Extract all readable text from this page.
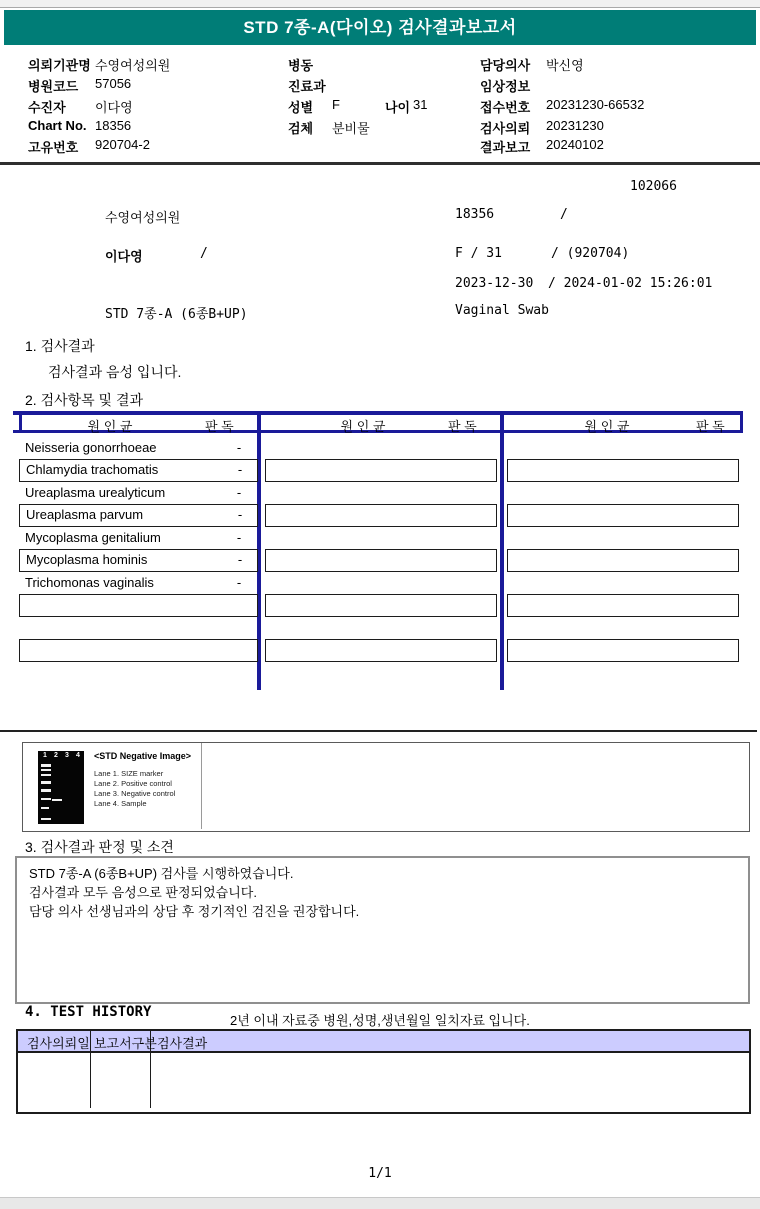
STD 7종-A(다이오) 검사결과보고서
의뢰기관명 수영여성의원
병원코드 57056
수진자 이다영
Chart No. 18356
고유번호 920704-2
병동
진료과
성별 F	나이 31
검체 분비물
담당의사 박신영
임상정보
접수번호 20231230-66532
검사의뢰 20231230
결과보고 20240102
102066
수영여성의원	18356	/
이다영	/	F / 31	/ (920704)
2023-12-30 / 2024-01-02 15:26:01
STD 7종-A (6종B+UP)	Vaginal Swab
1. 검사결과
검사결과 음성 입니다.
2. 검사항목 및 결과
원 인 균	판 독	원 인 균	판 독	원 인 균	판 독
Neisseria gonorrhoeae	-
Chlamydia trachomatis	-
Ureaplasma urealyticum	-
Ureaplasma parvum	-
Mycoplasma genitalium	-
Mycoplasma hominis	-
Trichomonas vaginalis	-
1 2 3 4 <STD Negative Image>
Lane 1. SIZE marker
Lane 2. Positive control
Lane 3. Negative control
Lane 4. Sample
3. 검사결과 판정 및 소견
STD 7종-A (6종B+UP) 검사를 시행하였습니다.
검사결과 모두 음성으로 판정되었습니다.
담당 의사 선생님과의 상담 후 정기적인 검진을 권장합니다.
4. TEST HISTORY
2년 이내 자료중 병원,성명,생년월일 일치자료 입니다.
검사의뢰일 보고서구분 검사결과
1/1
